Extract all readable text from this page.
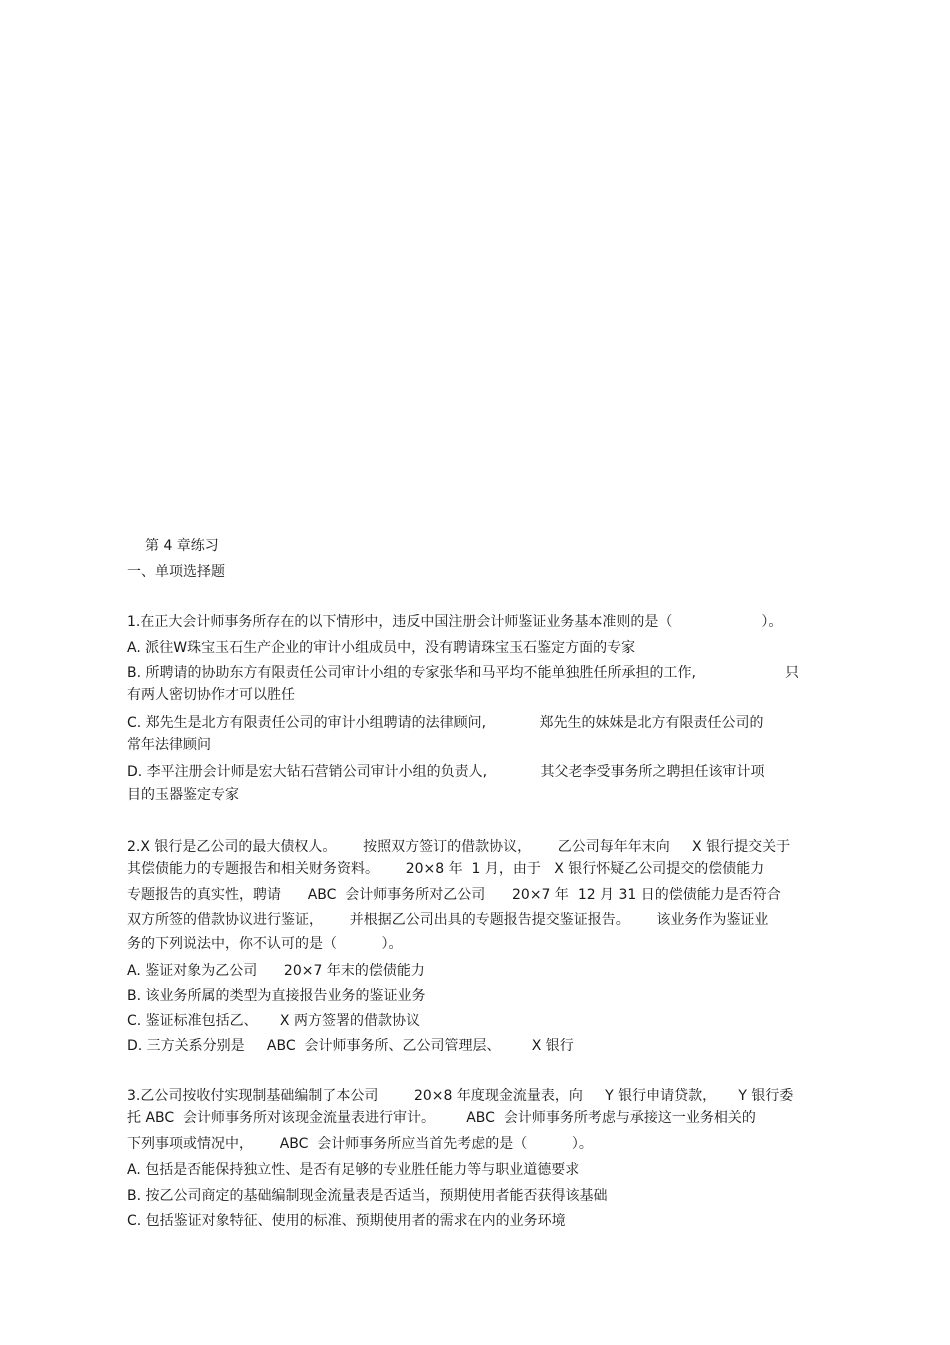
第 4 章练习
一、单项选择题
1.在正大会计师事务所存在的以下情形中，违反中国注册会计师鉴证业务基本准则的是（                    ）。
A. 派往W珠宝玉石生产企业的审计小组成员中，没有聘请珠宝玉石鉴定方面的专家
B. 所聘请的协助东方有限责任公司审计小组的专家张华和马平均不能单独胜任所承担的工作,                    只
有两人密切协作才可以胜任
C. 郑先生是北方有限责任公司的审计小组聘请的法律顾问,            郑先生的妹妹是北方有限责任公司的
常年法律顾问
D. 李平注册会计师是宏大钻石营销公司审计小组的负责人,            其父老李受事务所之聘担任该审计项
目的玉器鉴定专家
2.X 银行是乙公司的最大债权人。      按照双方签订的借款协议，      乙公司每年年末向     X 银行提交关于
其偿债能力的专题报告和相关财务资料。      20×8 年  1 月，由于   X 银行怀疑乙公司提交的偿债能力
专题报告的真实性，聘请      ABC  会计师事务所对乙公司      20×7 年  12 月 31 日的偿债能力是否符合
双方所签的借款协议进行鉴证，      并根据乙公司出具的专题报告提交鉴证报告。      该业务作为鉴证业
务的下列说法中，你不认可的是（          ）。
A. 鉴证对象为乙公司      20×7 年末的偿债能力
B. 该业务所属的类型为直接报告业务的鉴证业务
C. 鉴证标准包括乙、     X 两方签署的借款协议
D. 三方关系分别是     ABC  会计师事务所、乙公司管理层、       X 银行
3.乙公司按收付实现制基础编制了本公司        20×8 年度现金流量表，向     Y 银行申请贷款，     Y 银行委
托 ABC  会计师事务所对该现金流量表进行审计。       ABC  会计师事务所考虑与承接这一业务相关的
下列事项或情况中，      ABC  会计师事务所应当首先考虑的是（          ）。
A. 包括是否能保持独立性、是否有足够的专业胜任能力等与职业道德要求
B. 按乙公司商定的基础编制现金流量表是否适当，预期使用者能否获得该基础
C. 包括鉴证对象特征、使用的标准、预期使用者的需求在内的业务环境
